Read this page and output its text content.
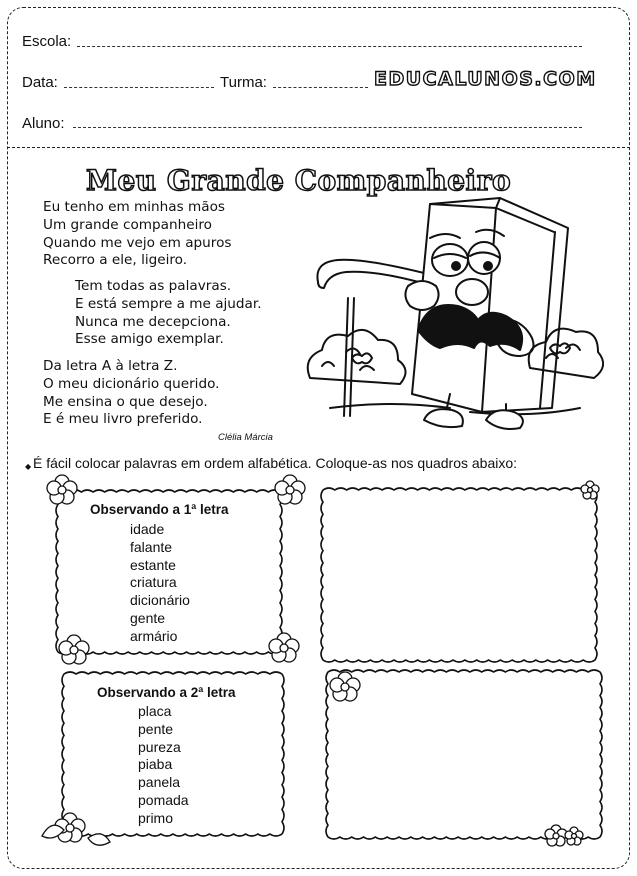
Escola:
Data:	Turma:	EDUCALUNOS.COM
Aluno:
Meu Grande Companheiro
Eu tenho em minhas mãos
Um grande companheiro
Quando me vejo em apuros
Recorro a ele, ligeiro.
Tem todas as palavras.
E está sempre a me ajudar.
Nunca me decepciona.
Esse amigo exemplar.
Da letra A à letra Z.
O meu dicionário querido.
Me ensina o que desejo.
E é meu livro preferido.
Clélia Márcia
◆ É fácil colocar palavras em ordem alfabética. Coloque-as nos quadros abaixo:
Observando a 1ª letra
idade
falante
estante
criatura
dicionário
gente
armário
Observando a 2ª letra
placa
pente
pureza
piaba
panela
pomada
primo
